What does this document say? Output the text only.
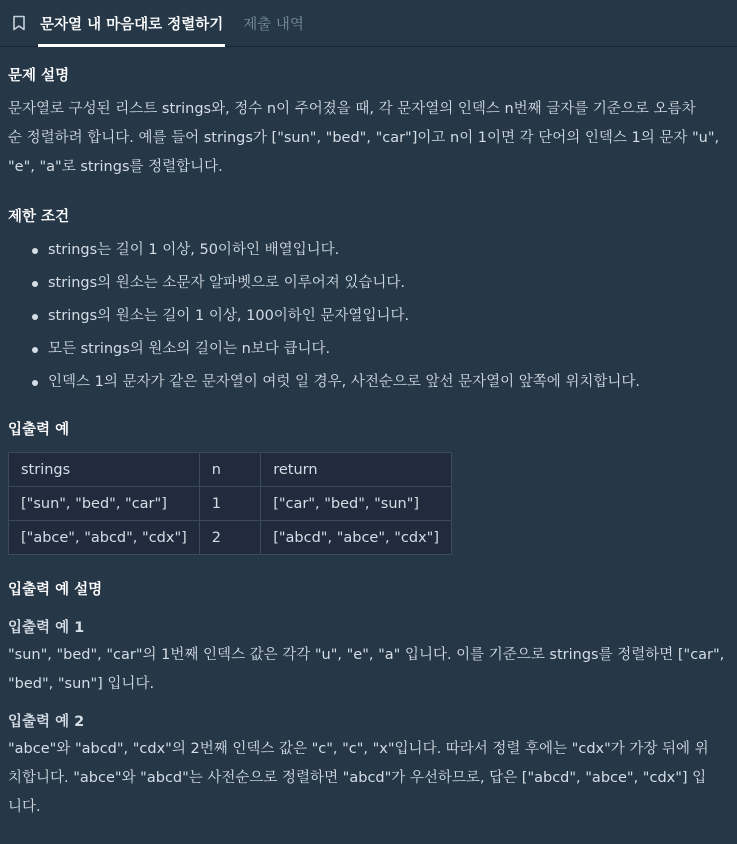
문자열 내 마음대로 정렬하기 제출 내역
문제 설명

문자열로 구성된 리스트 strings와, 정수 n이 주어졌을 때, 각 문자열의 인덱스 n번째 글자를 기준으로 오름차

순 정렬하려 합니다. 예를 들어 strings가 ["sun", "bed", "car"]이고 n이 1이면 각 단어의 인덱스 1의 문자 "u",

"e", "a"로 strings를 정렬합니다.

제한 조건
strings는 길이 1 이상, 50이하인 배열입니다.
strings의 원소는 소문자 알파벳으로 이루어져 있습니다.
strings의 원소는 길이 1 이상, 100이하인 문자열입니다.
모든 strings의 원소의 길이는 n보다 큽니다.
인덱스 1의 문자가 같은 문자열이 여럿 일 경우, 사전순으로 앞선 문자열이 앞쪽에 위치합니다.
입출력 예
strings	n	return
["sun", "bed", "car"]	1	["car", "bed", "sun"]
["abce", "abcd", "cdx"]	2	["abcd", "abce", "cdx"]
입출력 예 설명
입출력 예 1

"sun", "bed", "car"의 1번째 인덱스 값은 각각 "u", "e", "a" 입니다. 이를 기준으로 strings를 정렬하면 ["car",

"bed", "sun"] 입니다.

입출력 예 2

"abce"와 "abcd", "cdx"의 2번째 인덱스 값은 "c", "c", "x"입니다. 따라서 정렬 후에는 "cdx"가 가장 뒤에 위

치합니다. "abce"와 "abcd"는 사전순으로 정렬하면 "abcd"가 우선하므로, 답은 ["abcd", "abce", "cdx"] 입

니다.
